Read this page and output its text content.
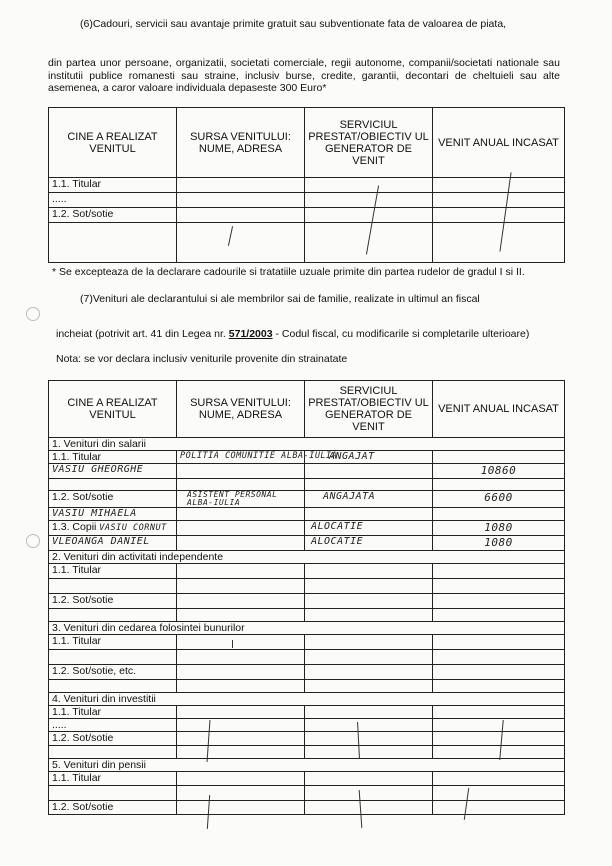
(6)Cadouri, servicii sau avantaje primite gratuit sau subventionate fata de valoarea de piata,
din partea unor persoane, organizatii, societati comerciale, regii autonome, companii/societati nationale sau institutii publice romanesti sau straine, inclusiv burse, credite, garantii, decontari de cheltuieli sau alte asemenea, a caror valoare individuala depaseste 300 Euro*
CINE A REALIZAT VENITUL	SURSA VENITULUI: NUME, ADRESA	SERVICIUL PRESTAT/OBIECTIV UL GENERATOR DE VENIT	VENIT ANUAL INCASAT
1.1. Titular			
.....			
1.2. Sot/sotie			

* Se excepteaza de la declarare cadourile si tratatiile uzuale primite din partea rudelor de gradul I si II.
(7)Venituri ale declarantului si ale membrilor sai de familie, realizate in ultimul an fiscal
incheiat (potrivit art. 41 din Legea nr. 571/2003 - Codul fiscal, cu modificarile si completarile ulterioare)
Nota: se vor declara inclusiv veniturile provenite din strainatate
CINE A REALIZAT VENITUL	SURSA VENITULUI: NUME, ADRESA	SERVICIUL PRESTAT/OBIECTIV UL GENERATOR DE VENIT	VENIT ANUAL INCASAT
1. Venituri din salarii			
1.1. Titular	POLITIA COMUNITIE ALBA-IULIA	ANGAJAT	
VASIU GHEORGHE			10860

1.2. Sot/sotie	ASISTENT PERSONAL ALBA-IULIA	ANGAJATA	6600
VASIU MIHAELA			
1.3. Copii VASIU CORNUT		ALOCATIE	1080
VLEOANGA DANIEL		ALOCATIE	1080
2. Venituri din activitati independente			
1.1. Titular			

1.2. Sot/sotie			

3. Venituri din cedarea folosintei bunurilor			
1.1. Titular			

1.2. Sot/sotie, etc.			

4. Venituri din investitii			
1.1. Titular			
.....			
1.2. Sot/sotie			

5. Venituri din pensii			
1.1. Titular			

1.2. Sot/sotie			
